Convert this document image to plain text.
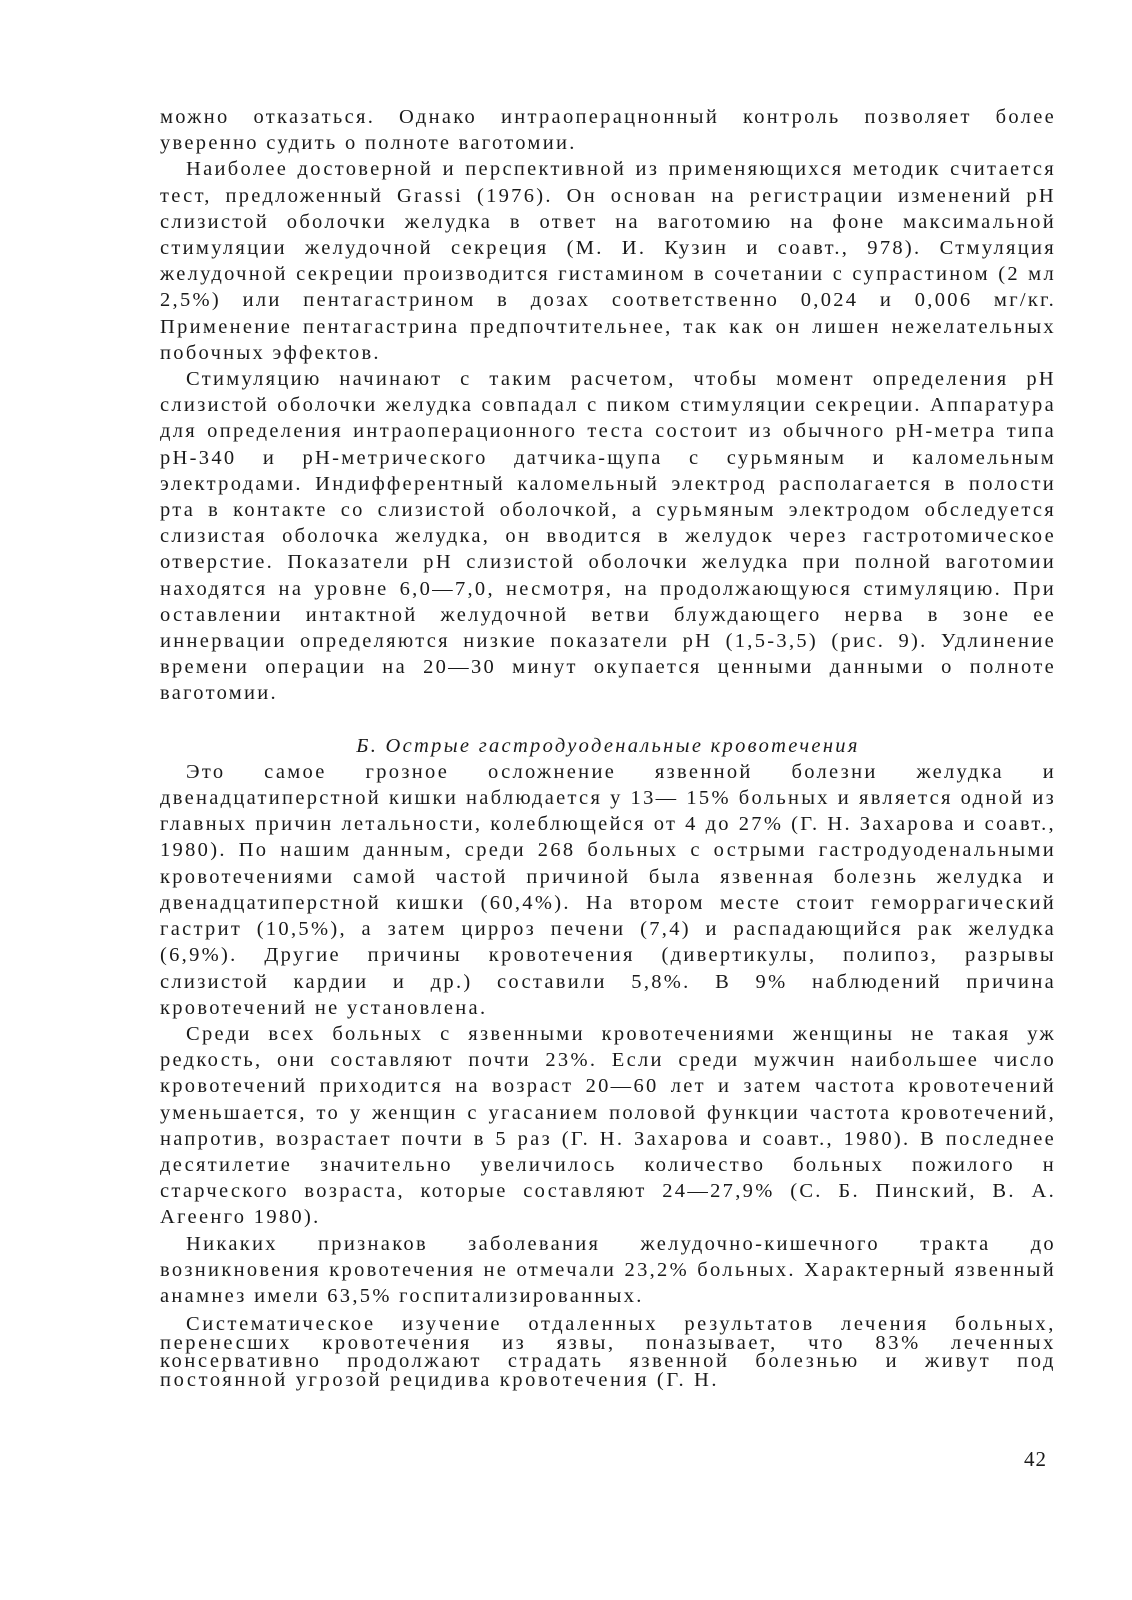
можно отказаться. Однако интраоперацнонный контроль позволяет более уверенно судить о полноте ваготомии.

Наиболее достоверной и перспективной из применяющихся методик считается тест, предложенный Grassi (1976). Он основан на регистрации изменений рН слизистой оболочки желудка в ответ на ваготомию на фоне максимальной стимуляции желудочной секреция (М. И. Кузин и соавт., 978). Стмуляция желудочной секреции производится гистамином в сочетании с супрастином (2 мл 2,5%) или пентагастрином в дозах соответственно 0,024 и 0,006 мг/кг. Применение пентагастрина предпочтительнее, так как он лишен нежелательных побочных эффектов.

Стимуляцию начинают с таким расчетом, чтобы момент определения рН слизистой оболочки желудка совпадал с пиком стимуляции секреции. Аппаратура для определения интраоперационного теста состоит из обычного рН-метра типа рН-340 и рН-метрического датчика-щупа с сурьмяным и каломельным электродами. Индифферентный каломельный электрод располагается в полости рта в контакте со слизистой оболочкой, а сурьмяным электродом обследуется слизистая оболочка желудка, он вводится в желудок через гастротомическое отверстие. Показатели рН слизистой оболочки желудка при полной ваготомии находятся на уровне 6,0—7,0, несмотря, на продолжающуюся стимуляцию. При оставлении интактной желудочной ветви блуждающего нерва в зоне ее иннервации определяются низкие показатели рН (1,5-3,5) (рис. 9). Удлинение времени операции на 20—30 минут окупается ценными данными о полноте ваготомии.

Б. Острые гастродуоденальные кровотечения

Это самое грозное осложнение язвенной болезни желудка и двенадцатиперстной кишки наблюдается у 13— 15% больных и является одной из главных причин летальности, колеблющейся от 4 до 27% (Г. Н. Захарова и соавт., 1980). По нашим данным, среди 268 больных с острыми гастродуоденальными кровотечениями самой частой причиной была язвенная болезнь желудка и двенадцатиперстной кишки (60,4%). На втором месте стоит геморрагический гастрит (10,5%), а затем цирроз печени (7,4) и распадающийся рак желудка (6,9%). Другие причины кровотечения (дивертикулы, полипоз, разрывы слизистой кардии и др.) составили 5,8%. В 9% наблюдений причина кровотечений не установлена.

Среди всех больных с язвенными кровотечениями женщины не такая уж редкость, они составляют почти 23%. Если среди мужчин наибольшее число кровотечений приходится на возраст 20—60 лет и затем частота кровотечений уменьшается, то у женщин с угасанием половой функции частота кровотечений, напротив, возрастает почти в 5 раз (Г. Н. Захарова и соавт., 1980). В последнее десятилетие значительно увеличилось количество больных пожилого н старческого возраста, которые составляют 24—27,9% (С. Б. Пинский, В. А. Агеенго 1980).

Никаких признаков заболевания желудочно-кишечного тракта до возникновения кровотечения не отмечали 23,2% больных. Характерный язвенный анамнез имели 63,5% госпитализированных.

Систематическое изучение отдаленных результатов лечения больных, перенесших кровотечения из язвы, поназывает, что 83% леченных консервативно продолжают страдать язвенной болезнью и живут под постоянной угрозой рецидива кровотечения (Г. Н.

42
